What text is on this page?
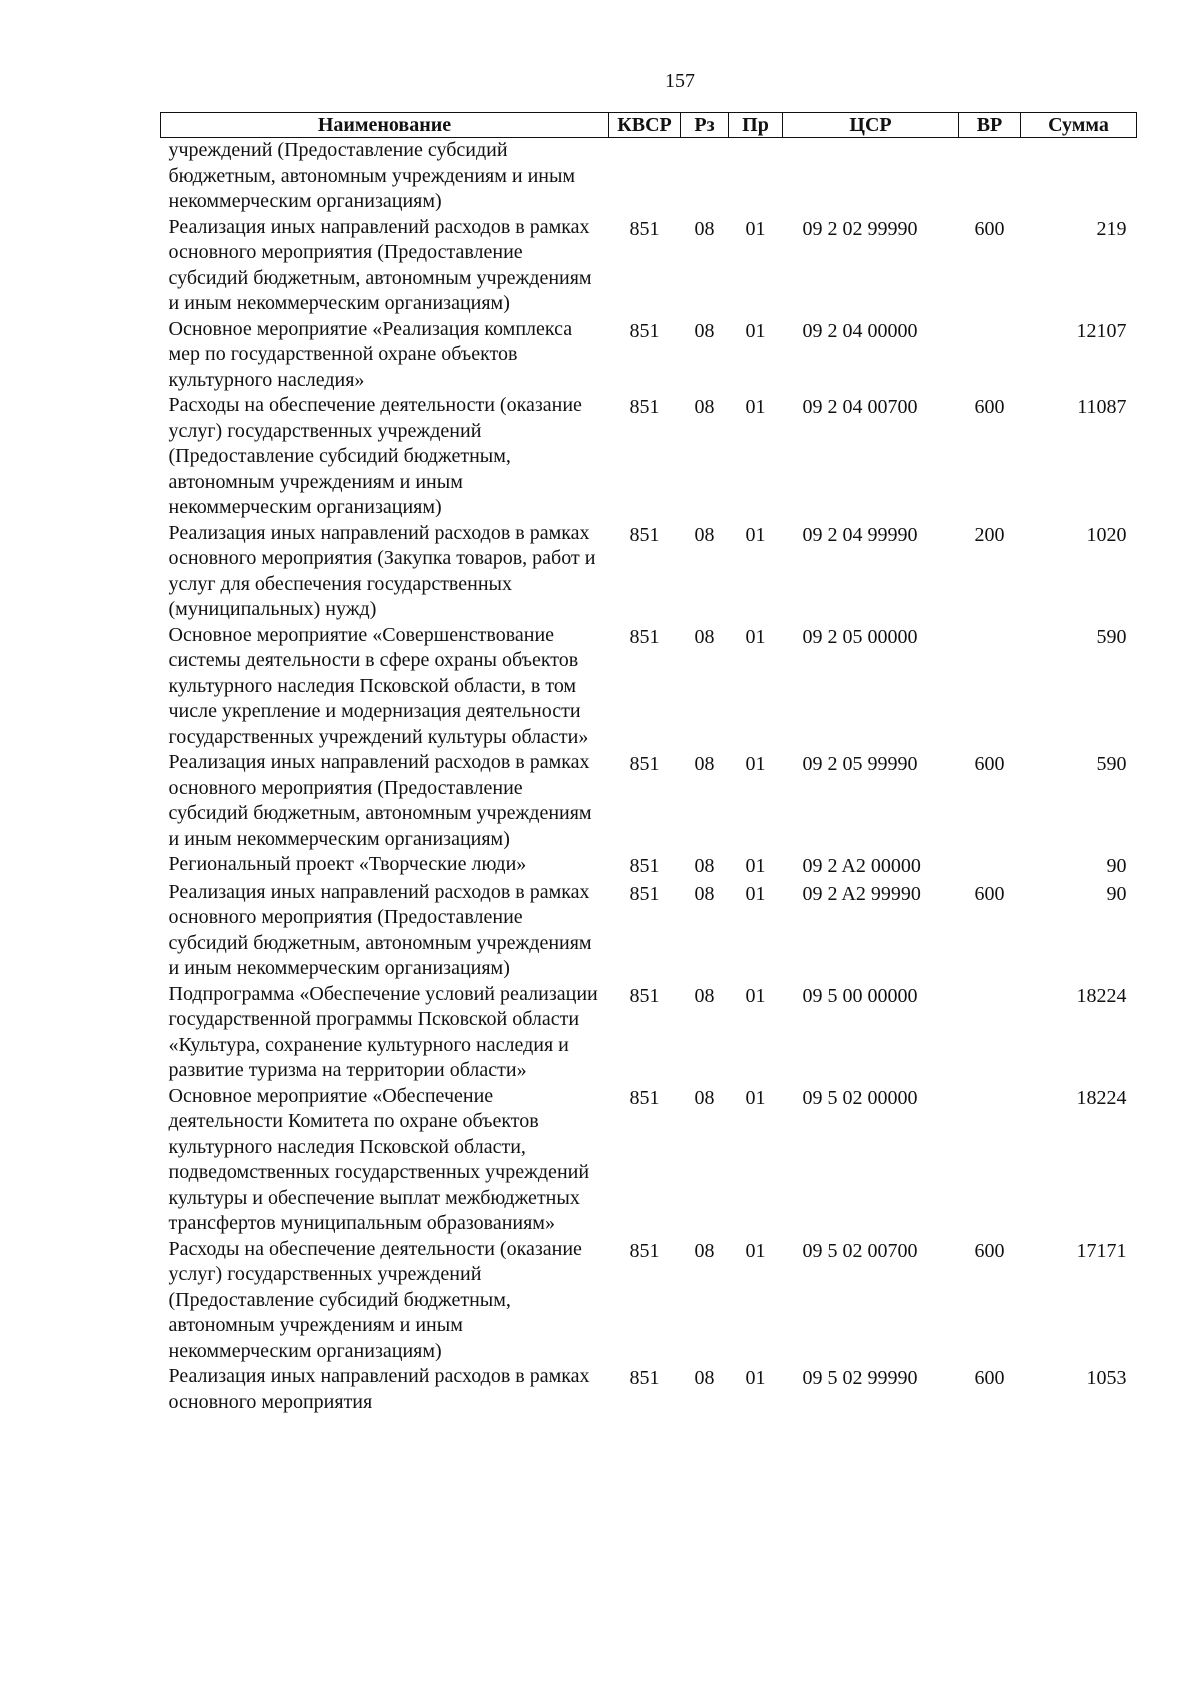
157
Наименование	КВСР	Рз	Пр	ЦСР	ВР	Сумма
учреждений (Предоставление субсидий бюджетным, автономным учреждениям и иным некоммерческим организациям)						
Реализация иных направлений расходов в рамках основного мероприятия (Предоставление субсидий бюджетным, автономным учреждениям и иным некоммерческим организациям)	851	08	01	09 2 02 99990	600	219
Основное мероприятие «Реализация комплекса мер по государственной охране объектов культурного наследия»	851	08	01	09 2 04 00000		12107
Расходы на обеспечение деятельности (оказание услуг) государственных учреждений (Предоставление субсидий бюджетным, автономным учреждениям и иным некоммерческим организациям)	851	08	01	09 2 04 00700	600	11087
Реализация иных направлений расходов в рамках основного мероприятия (Закупка товаров, работ и услуг для обеспечения государственных (муниципальных) нужд)	851	08	01	09 2 04 99990	200	1020
Основное мероприятие «Совершенствование системы деятельности в сфере охраны объектов культурного наследия Псковской области, в том числе укрепление и модернизация деятельности государственных учреждений культуры области»	851	08	01	09 2 05 00000		590
Реализация иных направлений расходов в рамках основного мероприятия (Предоставление субсидий бюджетным, автономным учреждениям и иным некоммерческим организациям)	851	08	01	09 2 05 99990	600	590
Региональный проект «Творческие люди»	851	08	01	09 2 A2 00000		90
Реализация иных направлений расходов в рамках основного мероприятия (Предоставление субсидий бюджетным, автономным учреждениям и иным некоммерческим организациям)	851	08	01	09 2 A2 99990	600	90
Подпрограмма «Обеспечение условий реализации государственной программы Псковской области «Культура, сохранение культурного наследия и развитие туризма на территории области»	851	08	01	09 5 00 00000		18224
Основное мероприятие «Обеспечение деятельности Комитета по охране объектов культурного наследия Псковской области, подведомственных государственных учреждений культуры и обеспечение выплат межбюджетных трансфертов муниципальным образованиям»	851	08	01	09 5 02 00000		18224
Расходы на обеспечение деятельности (оказание услуг) государственных учреждений (Предоставление субсидий бюджетным, автономным учреждениям и иным некоммерческим организациям)	851	08	01	09 5 02 00700	600	17171
Реализация иных направлений расходов в рамках основного мероприятия	851	08	01	09 5 02 99990	600	1053
